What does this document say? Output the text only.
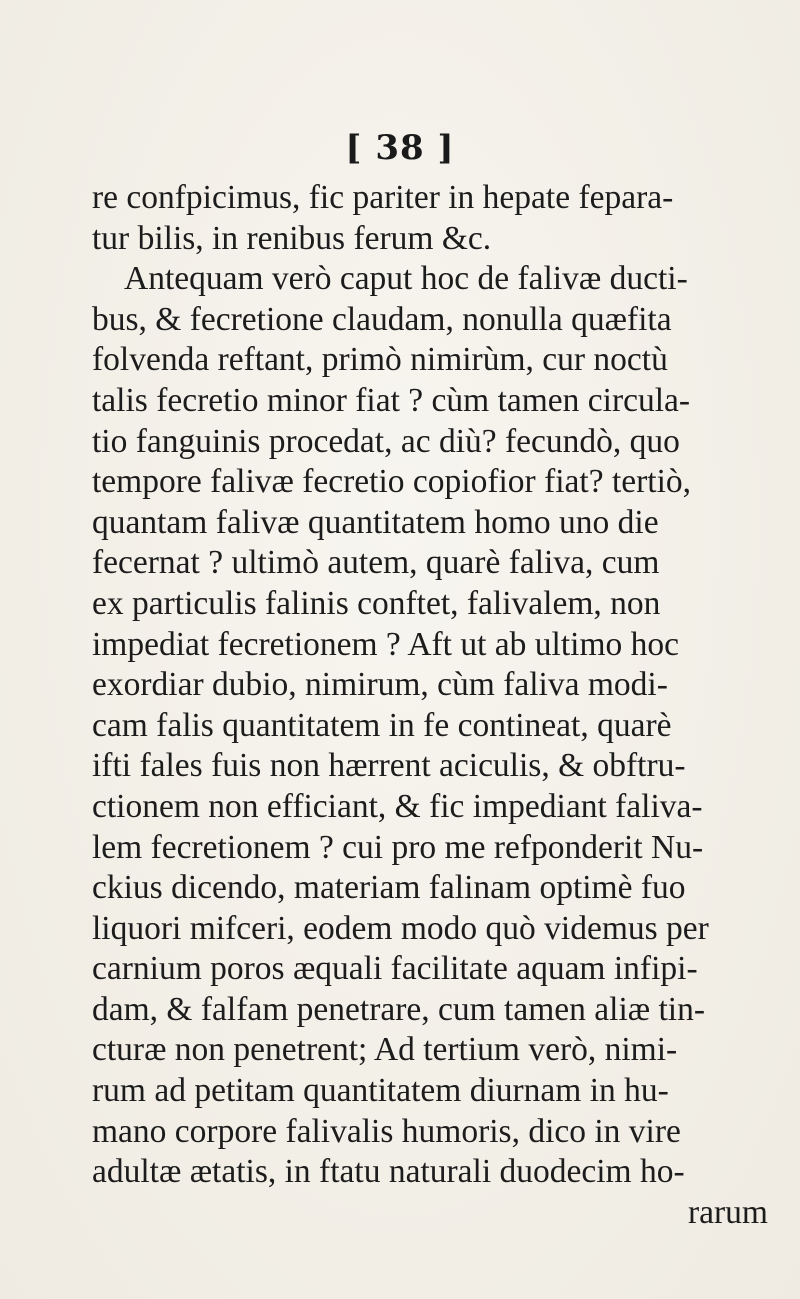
[ 38 ]
re confpicimus, fic pariter in hepate fepara-
tur bilis, in renibus ferum &c.
Antequam verò caput hoc de falivæ ducti-
bus, & fecretione claudam, nonulla quæfita
folvenda reftant, primò nimirùm, cur noctù
talis fecretio minor fiat ? cùm tamen circula-
tio fanguinis procedat, ac diù? fecundò, quo
tempore falivæ fecretio copiofior fiat? tertiò,
quantam falivæ quantitatem homo uno die
fecernat ? ultimò autem, quarè faliva, cum
ex particulis falinis conftet, falivalem, non
impediat fecretionem ? Aft ut ab ultimo hoc
exordiar dubio, nimirum, cùm faliva modi-
cam falis quantitatem in fe contineat, quarè
ifti fales fuis non hærrent aciculis, & obftru-
ctionem non efficiant, & fic impediant faliva-
lem fecretionem ? cui pro me refponderit Nu-
ckius dicendo, materiam falinam optimè fuo
liquori mifceri, eodem modo quò videmus per
carnium poros æquali facilitate aquam infipi-
dam, & falfam penetrare, cum tamen aliæ tin-
cturæ non penetrent; Ad tertium verò, nimi-
rum ad petitam quantitatem diurnam in hu-
mano corpore falivalis humoris, dico in vire
adultæ ætatis, in ftatu naturali duodecim ho-
rarum
